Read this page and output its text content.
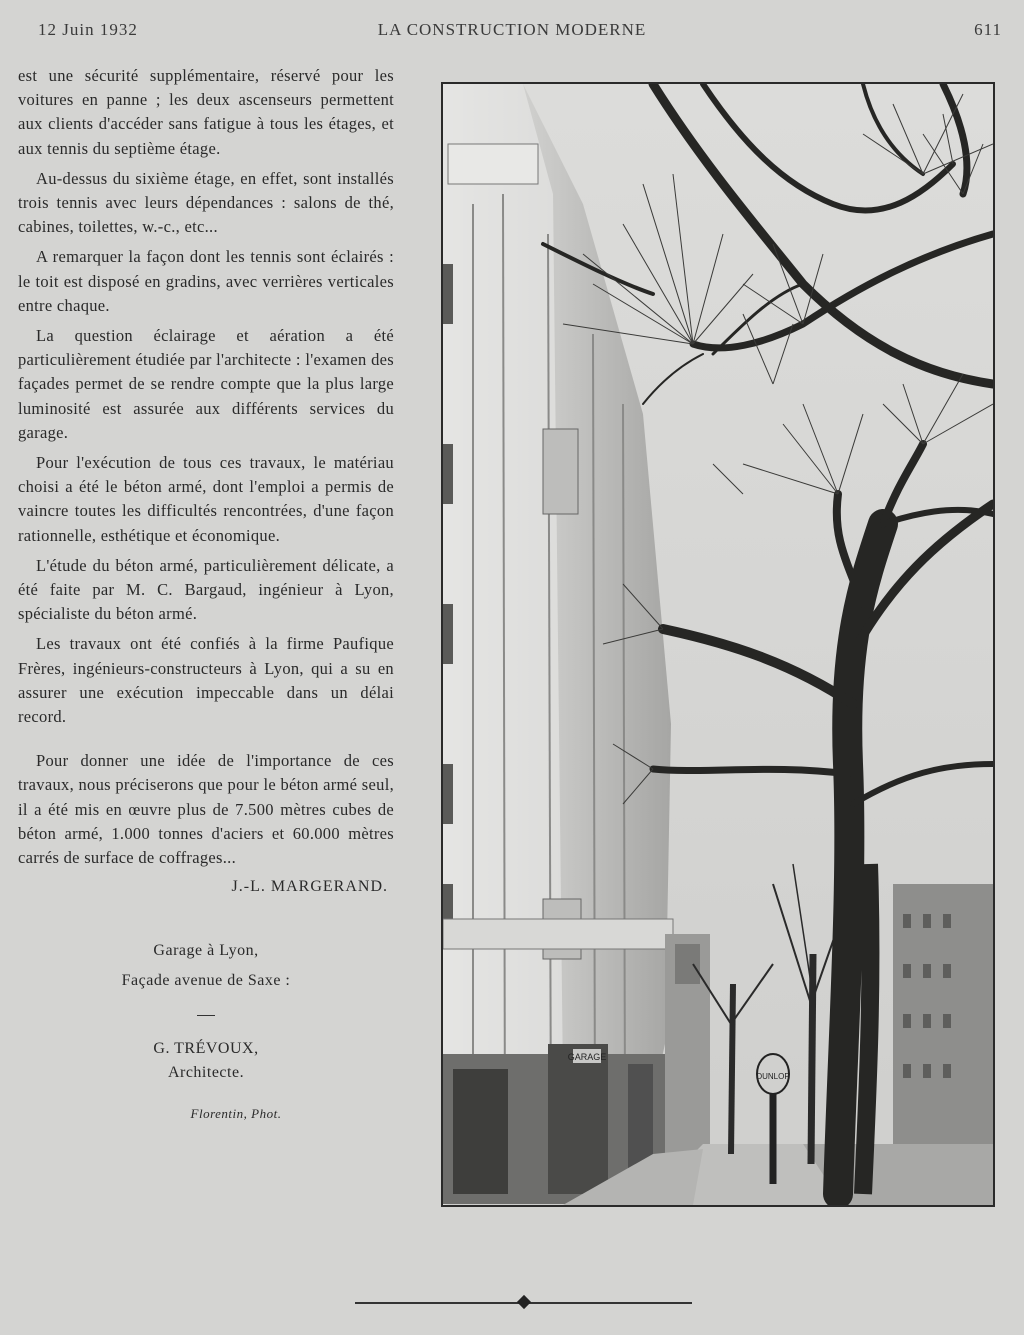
12 Juin 1932	LA CONSTRUCTION MODERNE	611

est une sécurité supplémentaire, réservé pour les voitures en panne ; les deux ascenseurs permettent aux clients d'accéder sans fatigue à tous les étages, et aux tennis du septième étage.

Au-dessus du sixième étage, en effet, sont installés trois tennis avec leurs dépendances : salons de thé, cabines, toilettes, w.-c., etc...

A remarquer la façon dont les tennis sont éclairés : le toit est disposé en gradins, avec verrières verticales entre chaque.

La question éclairage et aération a été particulièrement étudiée par l'architecte : l'examen des façades permet de se rendre compte que la plus large luminosité est assurée aux différents services du garage.

Pour l'exécution de tous ces travaux, le matériau choisi a été le béton armé, dont l'emploi a permis de vaincre toutes les difficultés rencontrées, d'une façon rationnelle, esthétique et économique.

L'étude du béton armé, particulièrement délicate, a été faite par M. C. Bargaud, ingénieur à Lyon, spécialiste du béton armé.

Les travaux ont été confiés à la firme Paufique Frères, ingénieurs-constructeurs à Lyon, qui a su en assurer une exécution impeccable dans un délai record.

Pour donner une idée de l'importance de ces travaux, nous préciserons que pour le béton armé seul, il a été mis en œuvre plus de 7.500 mètres cubes de béton armé, 1.000 tonnes d'aciers et 60.000 mètres carrés de surface de coffrages...

J.-L. MARGERAND.
Garage à Lyon,
Façade avenue de Saxe :
G. TRÉVOUX,
Architecte.
Florentin, Phot.
GARAGE
DUNLOP
